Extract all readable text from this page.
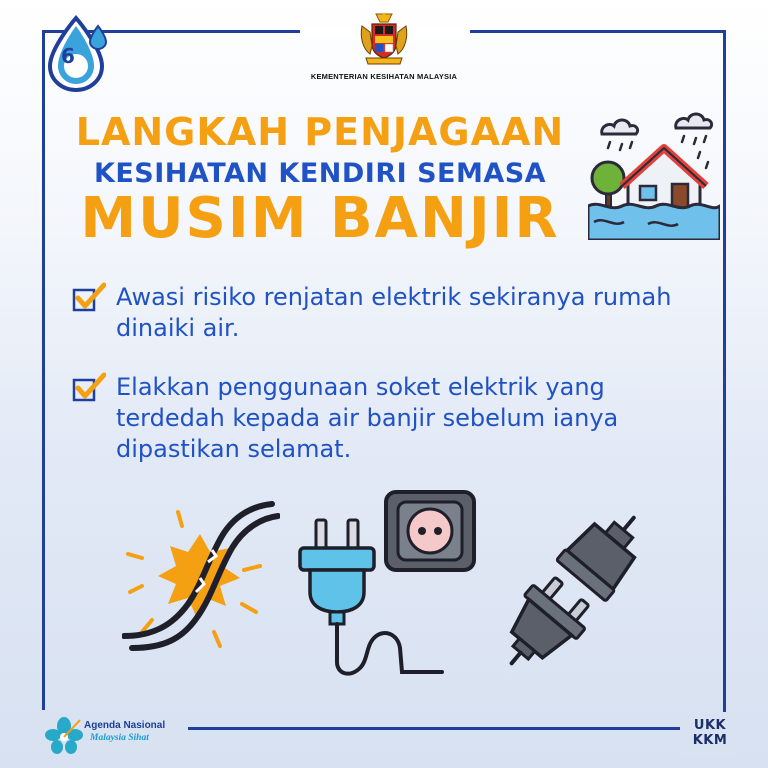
6
KEMENTERIAN KESIHATAN MALAYSIA
LANGKAH PENJAGAAN
KESIHATAN KENDIRI SEMASA
MUSIM BANJIR
Awasi risiko renjatan elektrik sekiranya rumah dinaiki air.
Elakkan penggunaan soket elektrik yang terdedah kepada air banjir sebelum ianya dipastikan selamat.
Agenda Nasional
Malaysia Sihat
UKK
KKM
